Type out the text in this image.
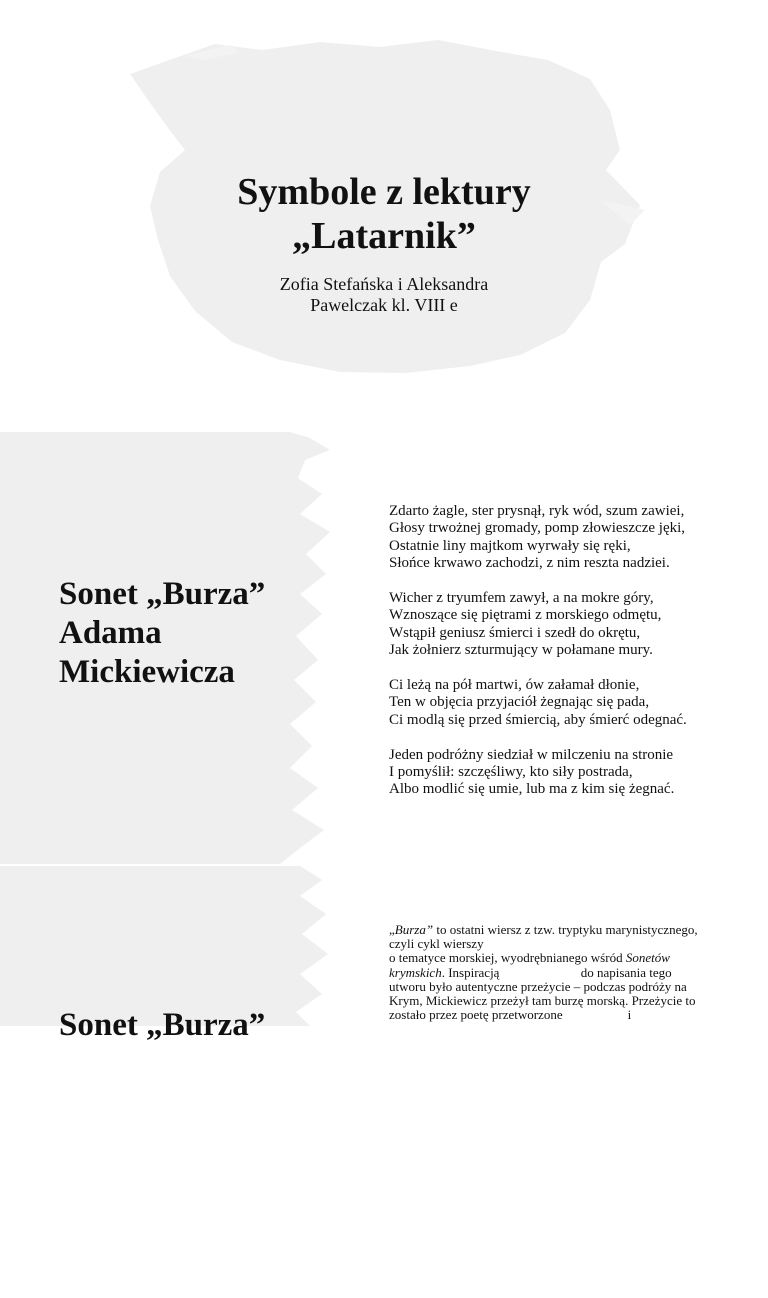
Symbole z lektury
„Latarnik”

Zofia Stefańska i Aleksandra
Pawelczak kl. VIII e

Sonet „Burza”
Adama
Mickiewicza

Zdarto żagle, ster prysnął, ryk wód, szum zawiei,
Głosy trwożnej gromady, pomp złowieszcze jęki,
Ostatnie liny majtkom wyrwały się ręki,
Słońce krwawo zachodzi, z nim reszta nadziei.

Wicher z tryumfem zawył, a na mokre góry,
Wznoszące się piętrami z morskiego odmętu,
Wstąpił geniusz śmierci i szedł do okrętu,
Jak żołnierz szturmujący w połamane mury.

Ci leżą na pół martwi, ów załamał dłonie,
Ten w objęcia przyjaciół żegnając się pada,
Ci modlą się przed śmiercią, aby śmierć odegnać.

Jeden podróżny siedział w milczeniu na stronie
I pomyślił: szczęśliwy, kto siły postrada,
Albo modlić się umie, lub ma z kim się żegnać.

Sonet „Burza”

„Burza” to ostatni wiersz z tzw. tryptyku marynistycznego,
czyli cykl wierszy
o tematyce morskiej, wyodrębnianego wśród Sonetów
krymskich. Inspiracją                         do napisania tego
utworu było autentyczne przeżycie – podczas podróży na
Krym, Mickiewicz przeżył tam burzę morską. Przeżycie to
zostało przez poetę przetworzone                    i
